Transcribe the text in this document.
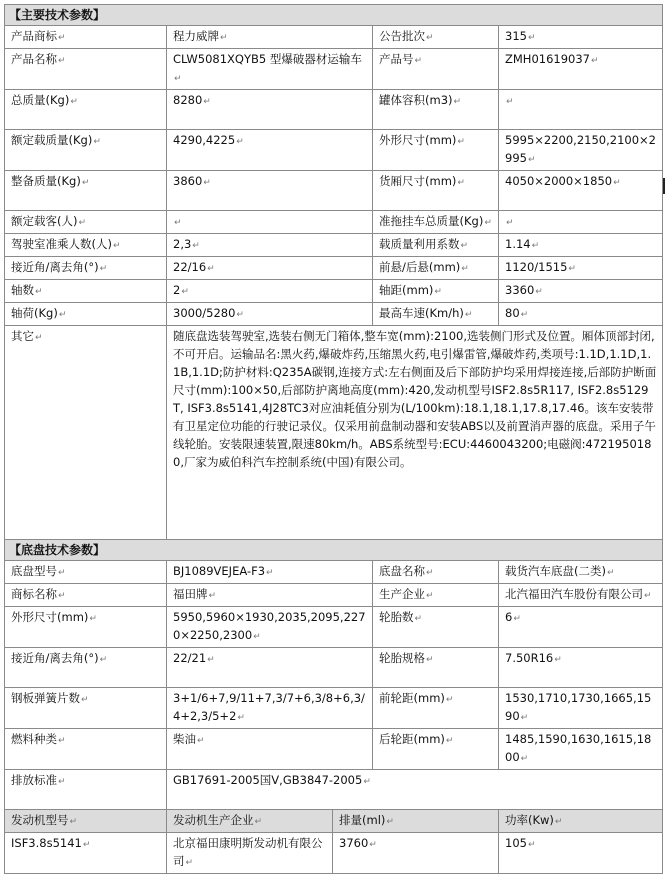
【主要技术参数】				
产品商标↵	程力威牌↵		公告批次↵	315↵
产品名称↵	CLW5081XQYB5 型爆破器材运输车↵		产品号↵	ZMH01619037↵
总质量(Kg)↵	8280↵		罐体容积(m3)↵	↵
额定载质量(Kg)↵	4290,4225↵		外形尺寸(mm)↵	5995×2200,2150,2100×2995↵
整备质量(Kg)↵	3860↵		货厢尺寸(mm)↵	4050×2000×1850↵
额定载客(人)↵	↵		准拖挂车总质量(Kg)↵	↵
驾驶室准乘人数(人)↵	2,3↵		载质量利用系数↵	1.14↵
接近角/离去角(°)↵	22/16↵		前悬/后悬(mm)↵	1120/1515↵
轴数↵	2↵		轴距(mm)↵	3360↵
轴荷(Kg)↵	3000/5280↵		最高车速(Km/h)↵	80↵
其它↵	随底盘选装驾驶室,选装右侧无门箱体,整车宽(mm):2100,选装侧门形式及位置。厢体顶部封闭,不可开启。运输品名:黑火药,爆破炸药,压缩黑火药,电引爆雷管,爆破炸药,类项号:1.1D,1.1D,1.1B,1.1D;防护材料:Q235A碳钢,连接方式:左右侧面及后下部防护均采用焊接连接,后部防护断面尺寸(mm):100×50,后部防护离地高度(mm):420,发动机型号ISF2.8s5R117, ISF2.8s5129T, ISF3.8s5141,4J28TC3对应油耗值分别为(L/100km):18.1,18.1,17.8,17.46。该车安装带有卫星定位功能的行驶记录仪。仅采用前盘制动器和安装ABS以及前置消声器的底盘。采用子午线轮胎。安装限速装置,限速80km/h。ABS系统型号:ECU:4460043200;电磁阀:4721950180,厂家为威伯科汽车控制系统(中国)有限公司。			
【底盘技术参数】				
底盘型号↵	BJ1089VEJEA-F3↵		底盘名称↵	载货汽车底盘(二类)↵
商标名称↵	福田牌↵		生产企业↵	北汽福田汽车股份有限公司↵
外形尺寸(mm)↵	5950,5960×1930,2035,2095,2270×2250,2300↵		轮胎数↵	6↵
接近角/离去角(°)↵	22/21↵		轮胎规格↵	7.50R16↵
钢板弹簧片数↵	3+1/6+7,9/11+7,3/7+6,3/8+6,3/4+2,3/5+2↵		前轮距(mm)↵	1530,1710,1730,1665,1590↵
燃料种类↵	柴油↵		后轮距(mm)↵	1485,1590,1630,1615,1800↵
排放标准↵	GB17691-2005国V,GB3847-2005↵			
发动机型号↵	发动机生产企业↵	排量(ml)↵		功率(Kw)↵
ISF3.8s5141↵	北京福田康明斯发动机有限公司↵	3760↵		105↵
